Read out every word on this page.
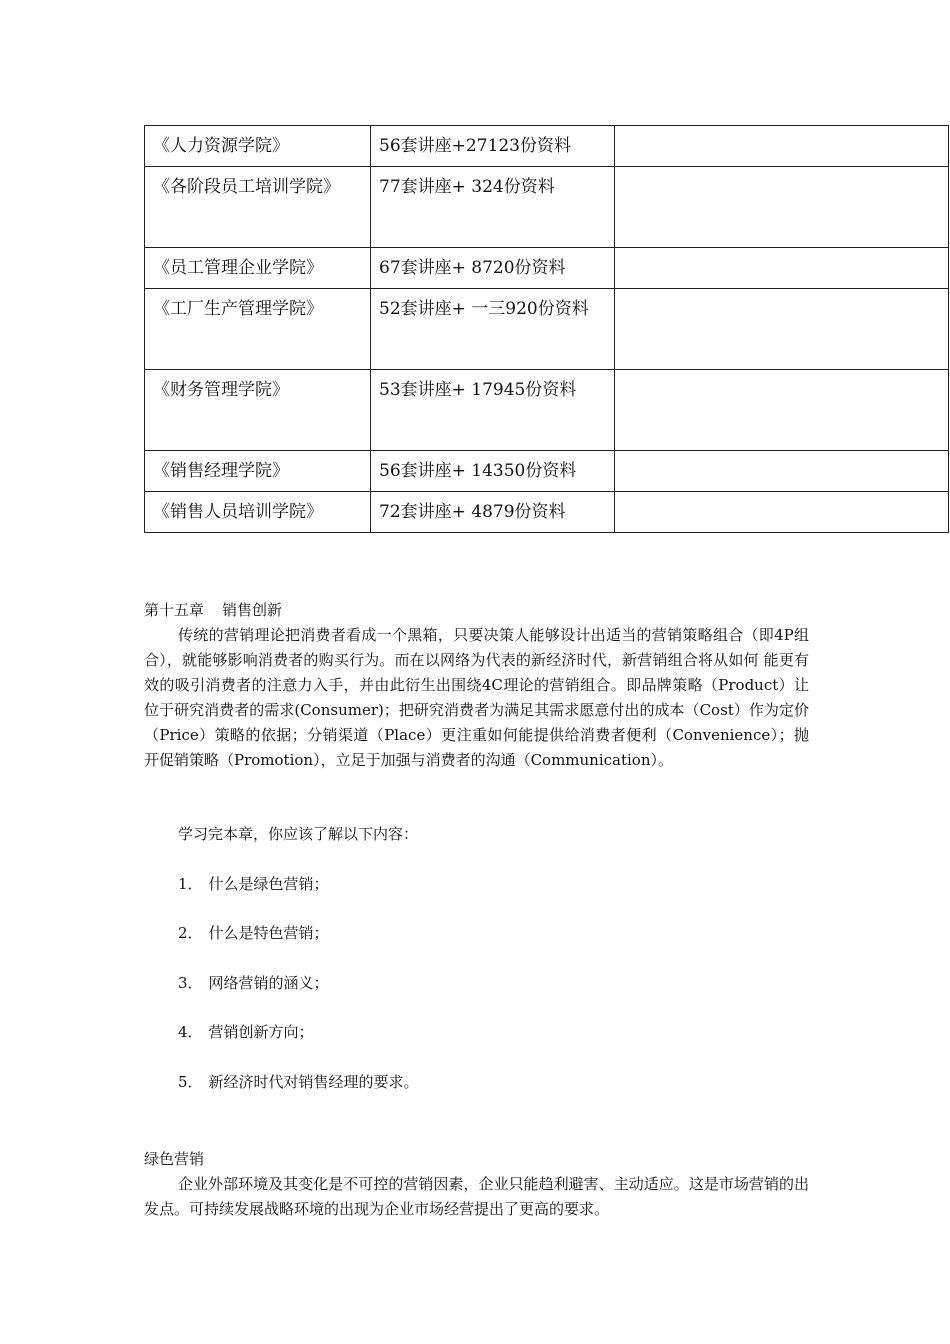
《人力资源学院》	56套讲座+27123份资料	
《各阶段员工培训学院》	77套讲座+ 324份资料	
《员工管理企业学院》	67套讲座+ 8720份资料	
《工厂生产管理学院》	52套讲座+ 一三920份资料	
《财务管理学院》	53套讲座+ 17945份资料	
《销售经理学院》	56套讲座+ 14350份资料	
《销售人员培训学院》	72套讲座+ 4879份资料	
第十五章 销售创新

传统的营销理论把消费者看成一个黑箱，只要决策人能够设计出适当的营销策略组合（即4P组合），就能够影响消费者的购买行为。而在以网络为代表的新经济时代，新营销组合将从如何 能更有效的吸引消费者的注意力入手，并由此衍生出围绕4C理论的营销组合。即品牌策略（Product）让位于研究消费者的需求(Consumer)；把研究消费者为满足其需求愿意付出的成本（Cost）作为定价（Price）策略的依据；分销渠道（Place）更注重如何能提供给消费者便利（Convenience）；抛开促销策略（Promotion），立足于加强与消费者的沟通（Communication）。

学习完本章，你应该了解以下内容：
1． 什么是绿色营销；
2． 什么是特色营销；
3． 网络营销的涵义；
4． 营销创新方向；
5． 新经济时代对销售经理的要求。
绿色营销

企业外部环境及其变化是不可控的营销因素，企业只能趋利避害、主动适应。这是市场营销的出发点。可持续发展战略环境的出现为企业市场经营提出了更高的要求。
